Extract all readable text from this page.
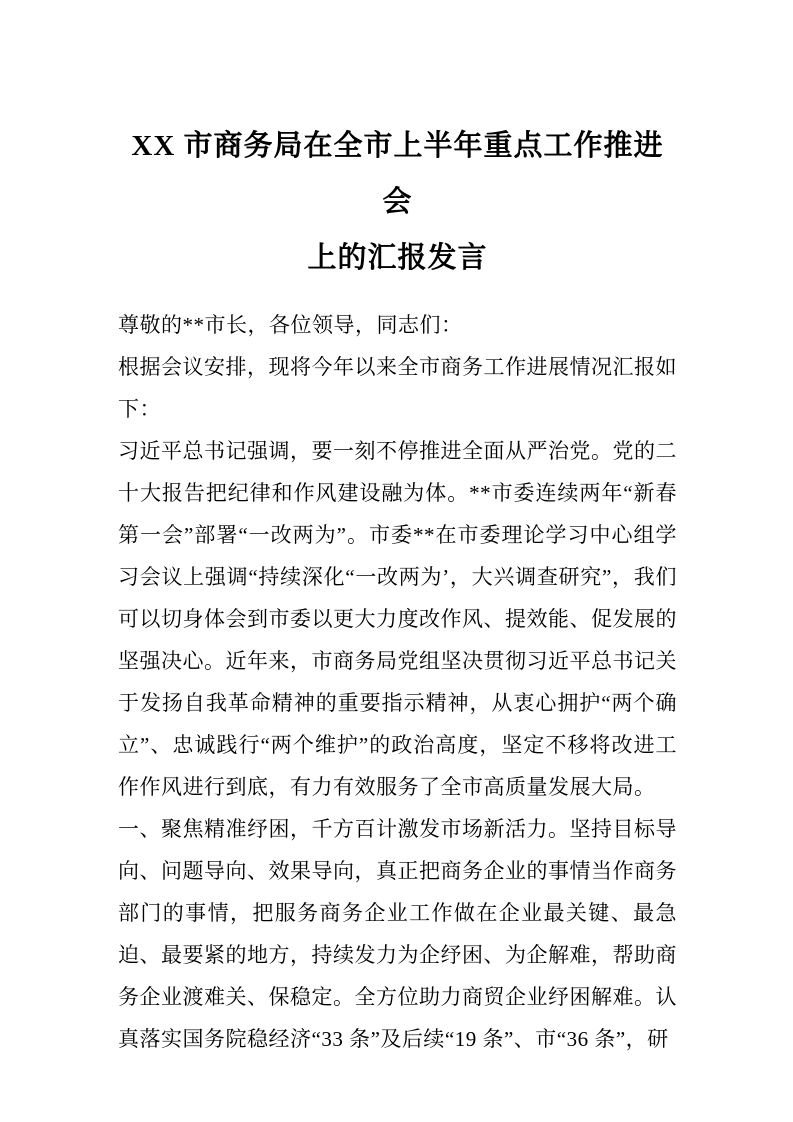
XX 市商务局在全市上半年重点工作推进会
上的汇报发言

尊敬的**市长，各位领导，同志们：

根据会议安排，现将今年以来全市商务工作进展情况汇报如下：

习近平总书记强调，要一刻不停推进全面从严治党。党的二十大报告把纪律和作风建设融为体。**市委连续两年“新春第一会”部署“一改两为”。市委**在市委理论学习中心组学习会议上强调“持续深化“一改两为’，大兴调查研究”，我们可以切身体会到市委以更大力度改作风、提效能、促发展的坚强决心。近年来，市商务局党组坚决贯彻习近平总书记关于发扬自我革命精神的重要指示精神，从衷心拥护“两个确立”、忠诚践行“两个维护”的政治高度，坚定不移将改进工作作风进行到底，有力有效服务了全市高质量发展大局。

一、聚焦精准纾困，千方百计激发市场新活力。坚持目标导向、问题导向、效果导向，真正把商务企业的事情当作商务部门的事情，把服务商务企业工作做在企业最关键、最急迫、最要紧的地方，持续发力为企纾困、为企解难，帮助商务企业渡难关、保稳定。全方位助力商贸企业纾困解难。认真落实国务院稳经济“33 条”及后续“19 条”、市“36 条”，研
